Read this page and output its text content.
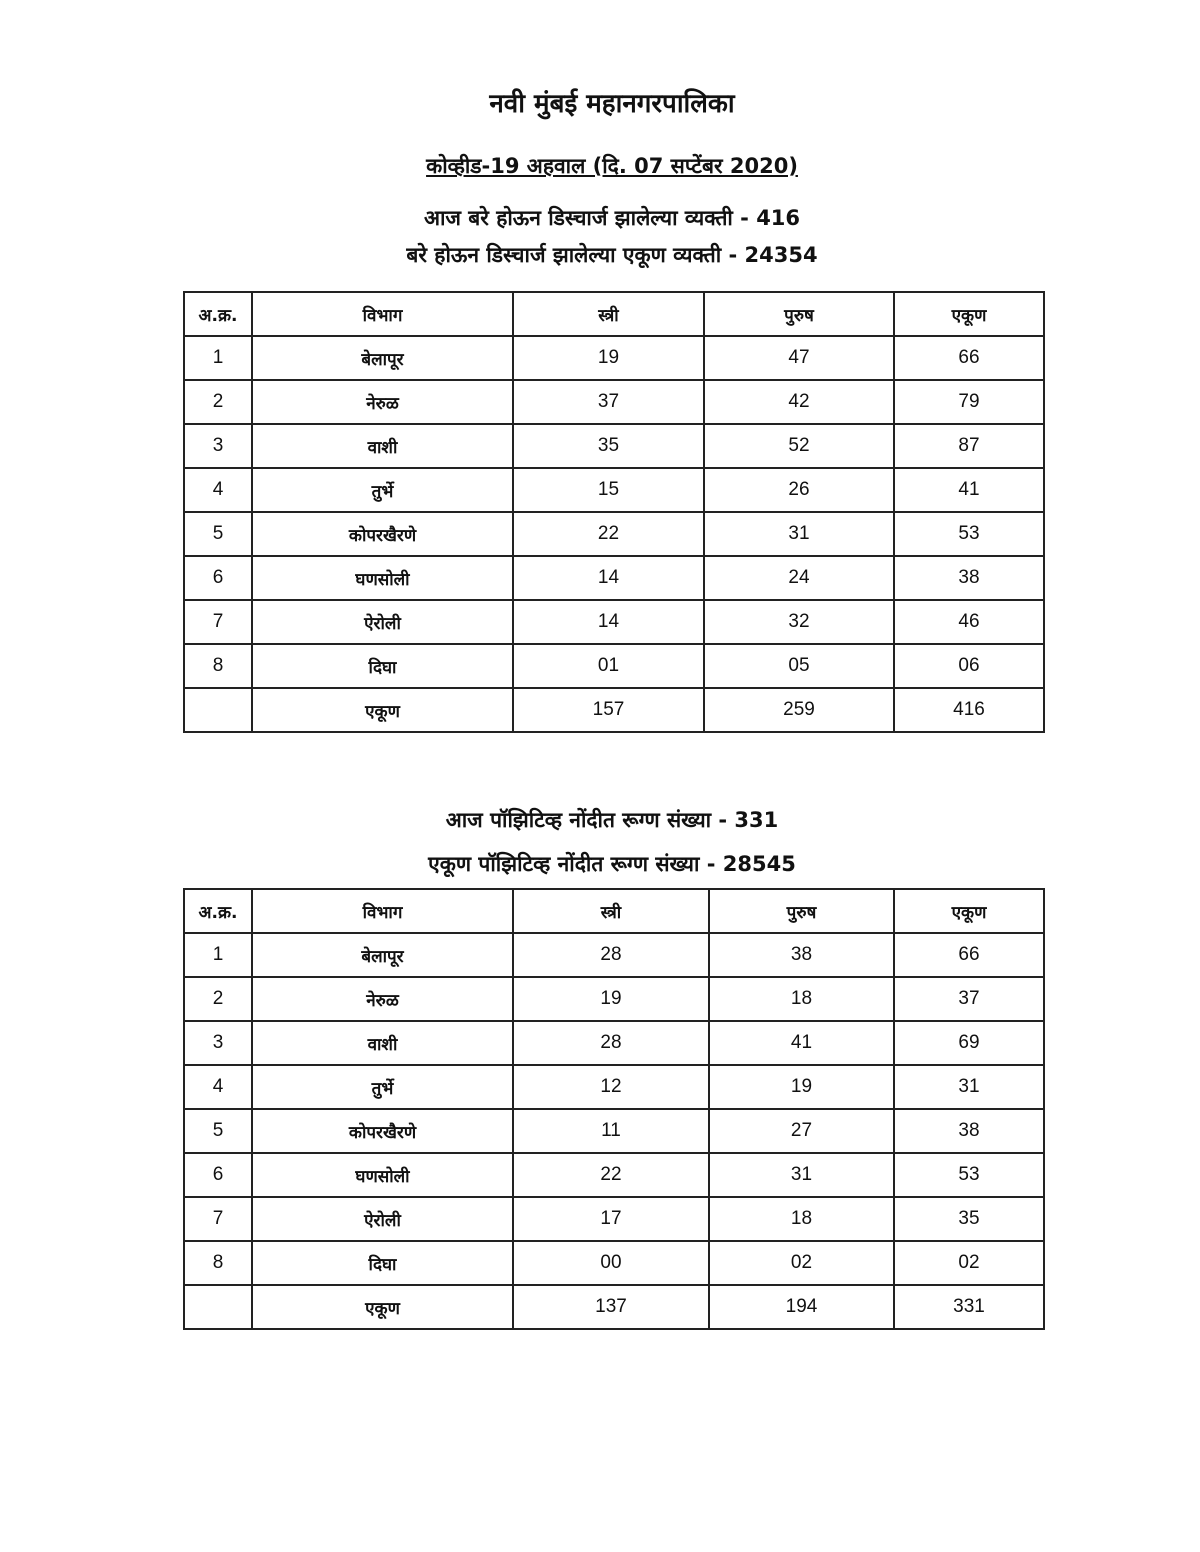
नवी मुंबई महानगरपालिका
कोव्हीड-19 अहवाल (दि. 07 सप्टेंबर 2020)
आज बरे होऊन डिस्चार्ज झालेल्या व्यक्ती - 416
बरे होऊन डिस्चार्ज झालेल्या एकूण व्यक्ती - 24354
अ.क्र.	विभाग	स्त्री	पुरुष	एकूण
1	बेलापूर	19	47	66
2	नेरुळ	37	42	79
3	वाशी	35	52	87
4	तुर्भे	15	26	41
5	कोपरखैरणे	22	31	53
6	घणसोली	14	24	38
7	ऐरोली	14	32	46
8	दिघा	01	05	06
	एकूण	157	259	416
आज पॉझिटिव्ह नोंदीत रूग्ण संख्या - 331
एकूण पॉझिटिव्ह नोंदीत रूग्ण संख्या - 28545
अ.क्र.	विभाग	स्त्री	पुरुष	एकूण
1	बेलापूर	28	38	66
2	नेरुळ	19	18	37
3	वाशी	28	41	69
4	तुर्भे	12	19	31
5	कोपरखैरणे	11	27	38
6	घणसोली	22	31	53
7	ऐरोली	17	18	35
8	दिघा	00	02	02
	एकूण	137	194	331
